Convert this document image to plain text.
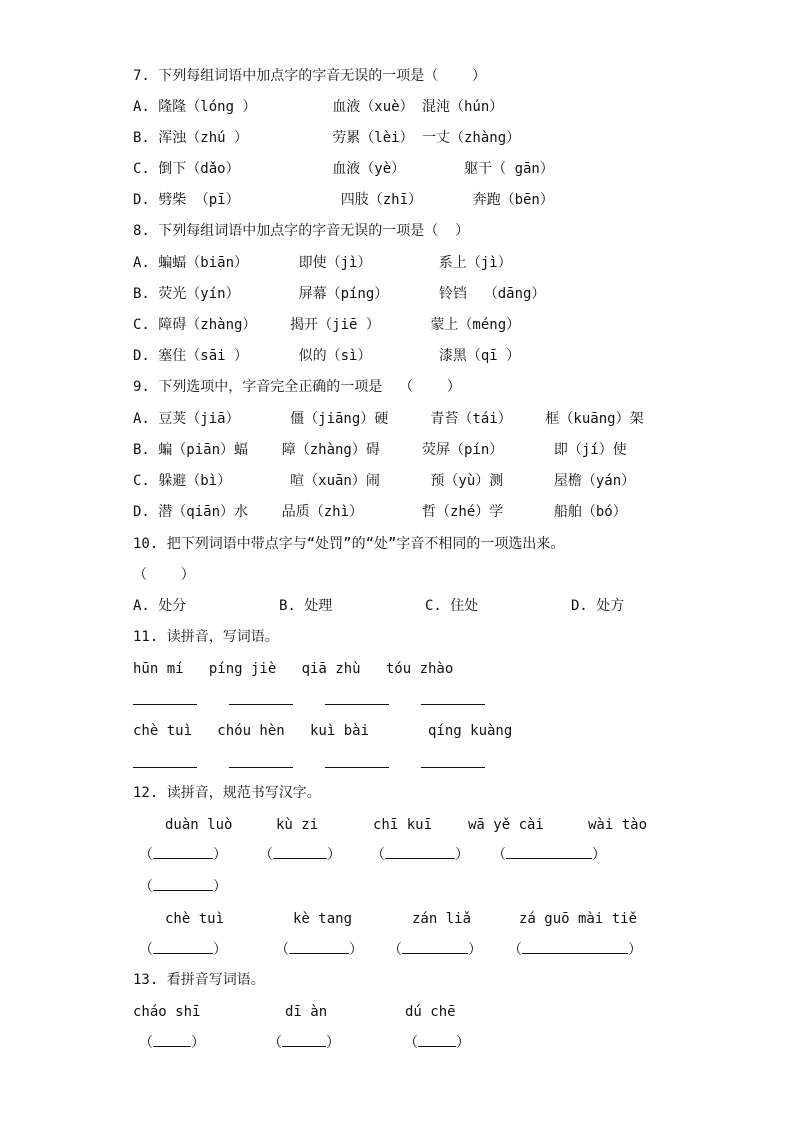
7. 下列每组词语中加点字的字音无误的一项是（    ）
A. 隆隆（lóng ）         血液（xuè） 混沌（hún）
B. 浑浊（zhú ）          劳累（lèi） 一丈（zhàng）
C. 倒下（dǎo）           血液（yè）       躯干（ gān）
D. 劈柴 （pī）            四肢（zhī）      奔跑（bēn）
8. 下列每组词语中加点字的字音无误的一项是（  ）
A. 蝙蝠（biān）      即使（jì）        系上（jì）
B. 荧光（yín）       屏幕（píng）      铃铛  （dāng）
C. 障碍（zhàng）    揭开（jiē ）      蒙上（méng）
D. 塞住（sāi ）      似的（sì）        漆黑（qī ）
9. 下列选项中，字音完全正确的一项是  （    ）
A. 豆荚（jiā）      僵（jiāng）硬     青苔（tái）    框（kuāng）架
B. 蝙（piān）蝠    障（zhàng）碍     荧屏（pín）      即（jí）使
C. 躲避（bì）       喧（xuān）闹      预（yù）测      屋檐（yán）
D. 潜（qiān）水    品质（zhì）       哲（zhé）学      船舶（bó）
10. 把下列词语中带点字与“处罚”的“处”字音不相同的一项选出来。
（    ）
A. 处分           B. 处理           C. 住处           D. 处方
11. 读拼音，写词语。
hūn mí   píng jiè   qiā zhù   tóu zhào
chè tuì   chóu hèn   kuì bài       qíng kuàng
12. 读拼音，规范书写汉字。
duàn luò	kù zi	chī kuī	wā yě cài	wài tào
（	） （	） （	） （	）
（	）
chè tuì	kè tang	zán liǎ	zá guō mài tiě
（	）	（	） （	） （	）
13. 看拼音写词语。
cháo shī	dī àn	dú chē
（	）	（	）	（	）
